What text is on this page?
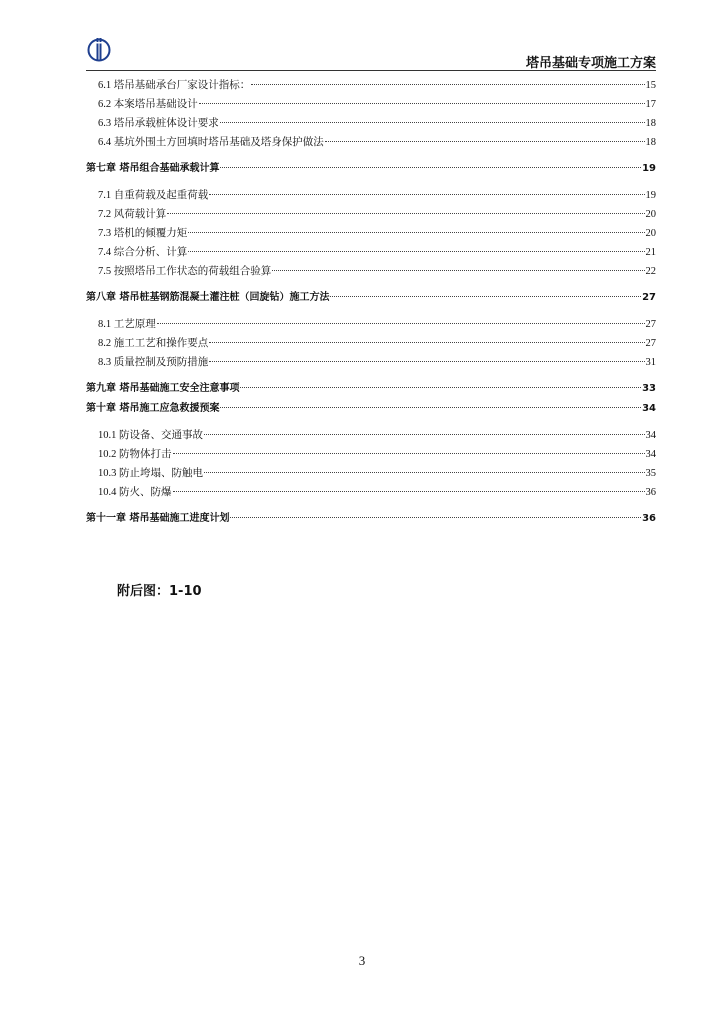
塔吊基础专项施工方案
6.1 塔吊基础承台厂家设计指标：	15
6.2 本案塔吊基础设计	17
6.3 塔吊承载桩体设计要求	18
6.4 基坑外围土方回填时塔吊基础及塔身保护做法	18
第七章 塔吊组合基础承载计算	19
7.1 自重荷载及起重荷载	19
7.2 风荷载计算	20
7.3 塔机的倾覆力矩	20
7.4 综合分析、计算	21
7.5 按照塔吊工作状态的荷载组合验算	22
第八章 塔吊桩基钢筋混凝土灌注桩（回旋钻）施工方法	27
8.1 工艺原理	27
8.2 施工工艺和操作要点	27
8.3 质量控制及预防措施	31
第九章 塔吊基础施工安全注意事项	33
第十章 塔吊施工应急救援预案	34
10.1 防设备、交通事故	34
10.2 防物体打击	34
10.3 防止垮塌、防触电	35
10.4 防火、防爆	36
第十一章 塔吊基础施工进度计划	36
附后图：1-10
3
